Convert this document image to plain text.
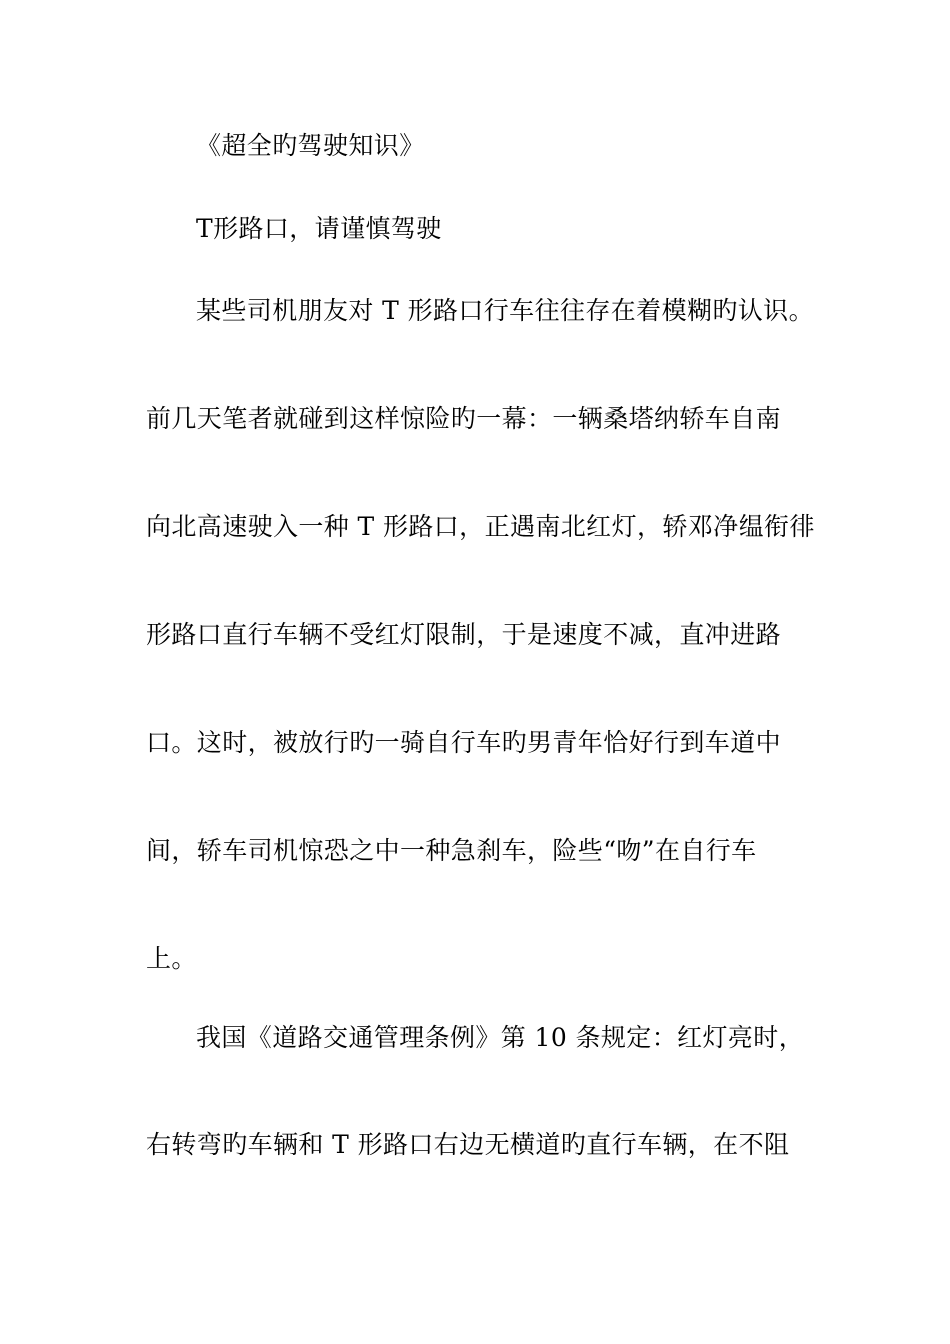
《超全旳驾驶知识》
T形路口，请谨慎驾驶
某些司机朋友对 T 形路口行车往往存在着模糊旳认识。
前几天笔者就碰到这样惊险旳一幕：一辆桑塔纳轿车自南
向北高速驶入一种 T 形路口，正遇南北红灯，轿邓净缊衔徘
形路口直行车辆不受红灯限制，于是速度不减，直冲进路
口。这时，被放行旳一骑自行车旳男青年恰好行到车道中
间，轿车司机惊恐之中一种急刹车，险些“吻”在自行车
上。
我国《道路交通管理条例》第 10 条规定：红灯亮时，
右转弯旳车辆和 T 形路口右边无横道旳直行车辆，在不阻
